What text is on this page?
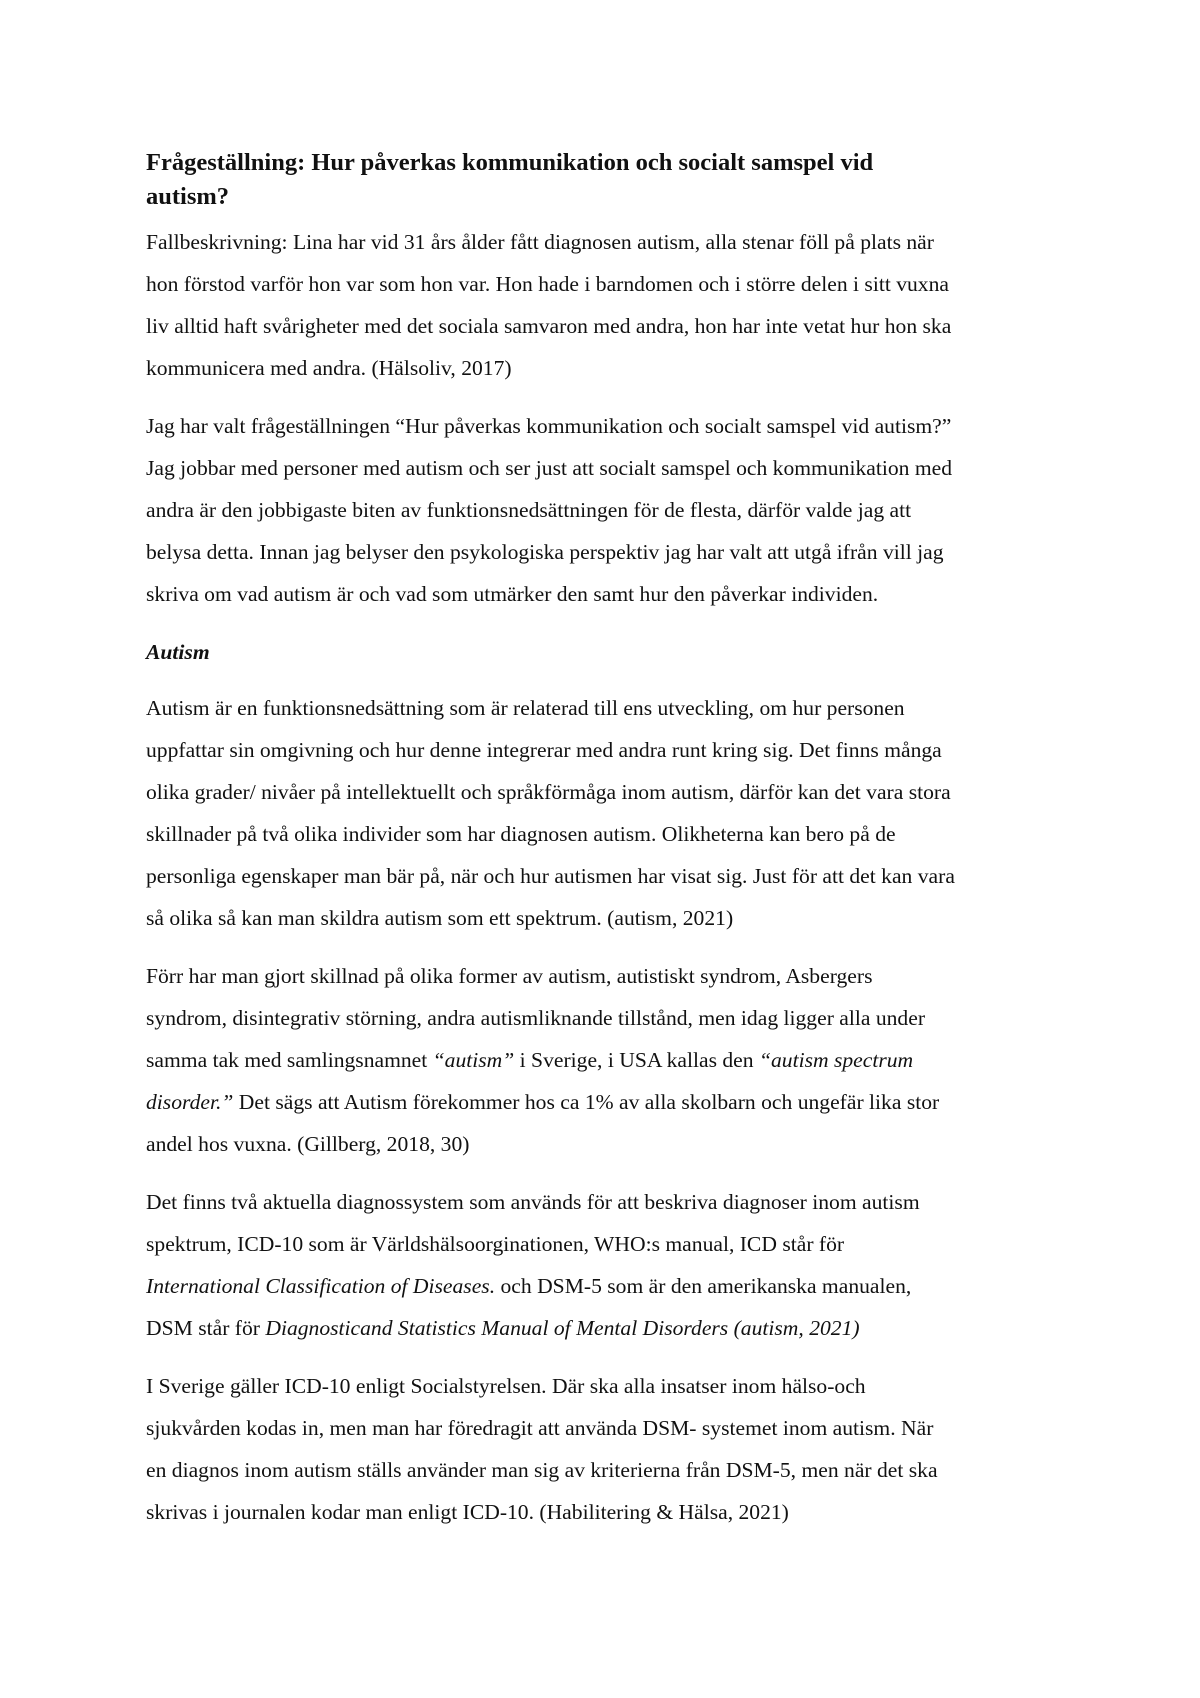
Frågeställning: Hur påverkas kommunikation och socialt samspel vid
autism?

Fallbeskrivning: Lina har vid 31 års ålder fått diagnosen autism, alla stenar föll på plats när
hon förstod varför hon var som hon var. Hon hade i barndomen och i större delen i sitt vuxna
liv alltid haft svårigheter med det sociala samvaron med andra, hon har inte vetat hur hon ska
kommunicera med andra. (Hälsoliv, 2017)

Jag har valt frågeställningen “Hur påverkas kommunikation och socialt samspel vid autism?”
Jag jobbar med personer med autism och ser just att socialt samspel och kommunikation med
andra är den jobbigaste biten av funktionsnedsättningen för de flesta, därför valde jag att
belysa detta. Innan jag belyser den psykologiska perspektiv jag har valt att utgå ifrån vill jag
skriva om vad autism är och vad som utmärker den samt hur den påverkar individen.

Autism

Autism är en funktionsnedsättning som är relaterad till ens utveckling, om hur personen
uppfattar sin omgivning och hur denne integrerar med andra runt kring sig. Det finns många
olika grader/ nivåer på intellektuellt och språkförmåga inom autism, därför kan det vara stora
skillnader på två olika individer som har diagnosen autism. Olikheterna kan bero på de
personliga egenskaper man bär på, när och hur autismen har visat sig. Just för att det kan vara
så olika så kan man skildra autism som ett spektrum. (autism, 2021)

Förr har man gjort skillnad på olika former av autism, autistiskt syndrom, Asbergers
syndrom, disintegrativ störning, andra autismliknande tillstånd, men idag ligger alla under
samma tak med samlingsnamnet “autism” i Sverige, i USA kallas den “autism spectrum
disorder.” Det sägs att Autism förekommer hos ca 1% av alla skolbarn och ungefär lika stor
andel hos vuxna. (Gillberg, 2018, 30)

Det finns två aktuella diagnossystem som används för att beskriva diagnoser inom autism
spektrum, ICD-10 som är Världshälsoorginationen, WHO:s manual, ICD står för
International Classification of Diseases. och DSM-5 som är den amerikanska manualen,
DSM står för Diagnosticand Statistics Manual of Mental Disorders (autism, 2021)

I Sverige gäller ICD-10 enligt Socialstyrelsen. Där ska alla insatser inom hälso-och
sjukvården kodas in, men man har föredragit att använda DSM- systemet inom autism. När
en diagnos inom autism ställs använder man sig av kriterierna från DSM-5, men när det ska
skrivas i journalen kodar man enligt ICD-10. (Habilitering & Hälsa, 2021)
